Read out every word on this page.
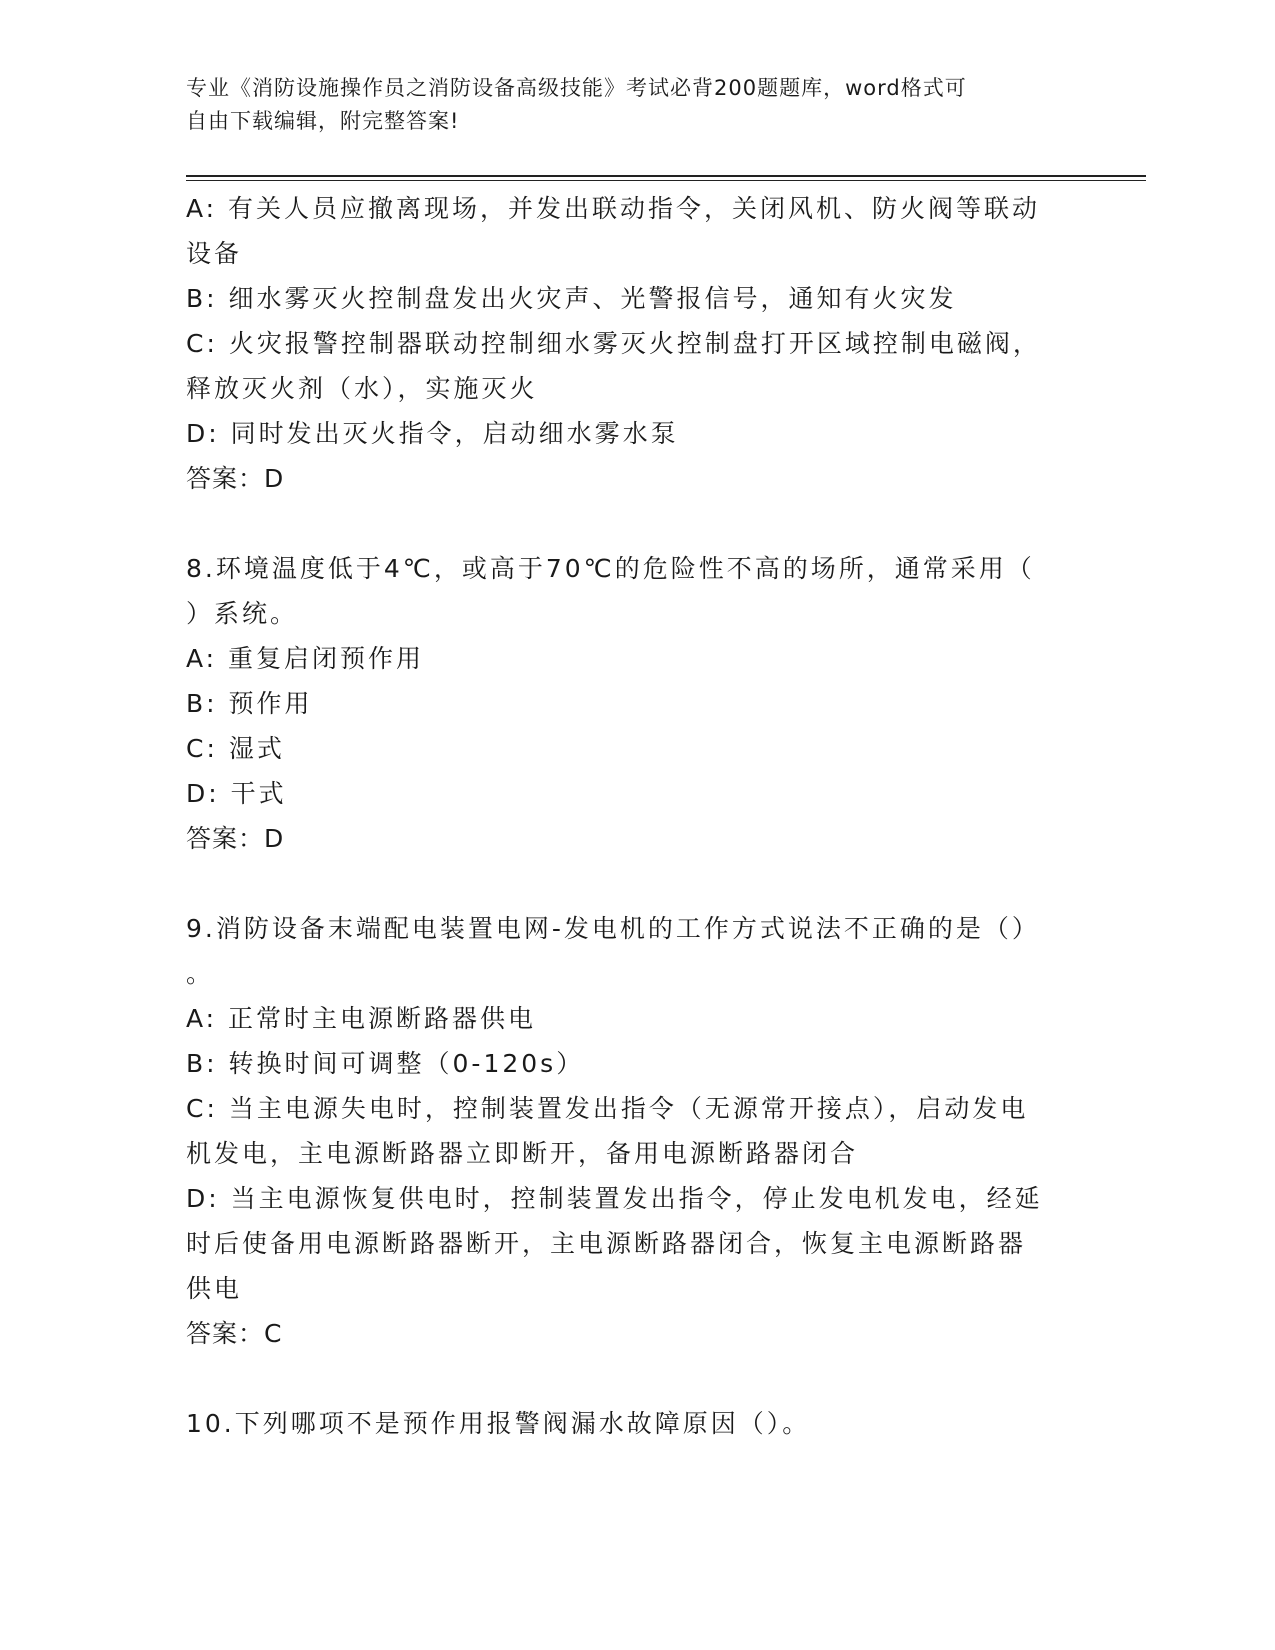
专业《消防设施操作员之消防设备高级技能》考试必背200题题库，word格式可
自由下载编辑，附完整答案!
A: 有关人员应撤离现场，并发出联动指令，关闭风机、防火阀等联动
设备
B: 细水雾灭火控制盘发出火灾声、光警报信号，通知有火灾发
C: 火灾报警控制器联动控制细水雾灭火控制盘打开区域控制电磁阀，
释放灭火剂（水），实施灭火
D: 同时发出灭火指令，启动细水雾水泵
答案：D
8.环境温度低于4℃，或高于70℃的危险性不高的场所，通常采用（
）系统。
A: 重复启闭预作用
B: 预作用
C: 湿式
D: 干式
答案：D
9.消防设备末端配电装置电网-发电机的工作方式说法不正确的是（）
。
A: 正常时主电源断路器供电
B: 转换时间可调整（0-120s）
C: 当主电源失电时，控制装置发出指令（无源常开接点），启动发电
机发电，主电源断路器立即断开，备用电源断路器闭合
D: 当主电源恢复供电时，控制装置发出指令，停止发电机发电，经延
时后使备用电源断路器断开，主电源断路器闭合，恢复主电源断路器
供电
答案：C
10.下列哪项不是预作用报警阀漏水故障原因（）。
